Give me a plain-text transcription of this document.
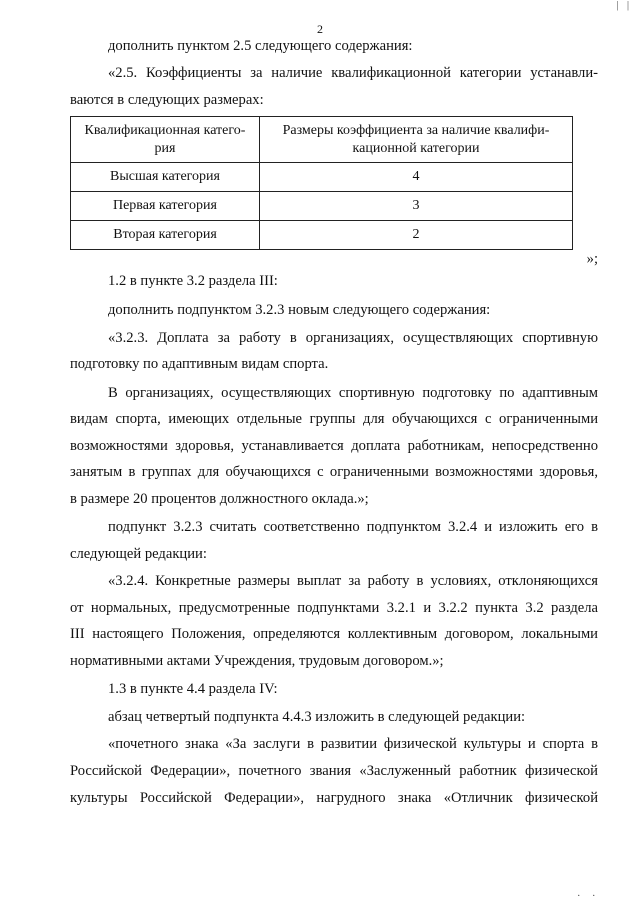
| |
2
дополнить пунктом 2.5 следующего содержания:
«2.5. Коэффициенты за наличие квалификационной категории устанавли-
ваются в следующих размерах:
Квалификационная катего-
рия	Размеры коэффициента за наличие квалифи-
кационной категории
Высшая категория	4
Первая категория	3
Вторая категория	2
»;
1.2 в пункте 3.2 раздела III:
дополнить подпунктом 3.2.3 новым следующего содержания:
«3.2.3. Доплата за работу в организациях, осуществляющих спортивную
подготовку по адаптивным видам спорта.
В организациях, осуществляющих спортивную подготовку по адаптивным
видам спорта, имеющих отдельные группы для обучающихся с ограниченными
возможностями здоровья, устанавливается доплата работникам, непосредственно
занятым в группах для обучающихся с ограниченными возможностями здоровья,
в размере 20 процентов должностного оклада.»;
подпункт 3.2.3 считать соответственно подпунктом 3.2.4 и изложить его в
следующей редакции:
«3.2.4. Конкретные размеры выплат за работу в условиях, отклоняющихся
от нормальных, предусмотренные подпунктами 3.2.1 и 3.2.2 пункта 3.2 раздела
III настоящего Положения, определяются коллективным договором, локальными
нормативными актами Учреждения, трудовым договором.»;
1.3 в пункте 4.4 раздела IV:
абзац четвертый подпункта 4.4.3 изложить в следующей редакции:
«почетного знака «За заслуги в развитии физической культуры и спорта в
Российской Федерации», почетного звания «Заслуженный работник физической
культуры Российской Федерации», нагрудного знака «Отличник физической
. .
